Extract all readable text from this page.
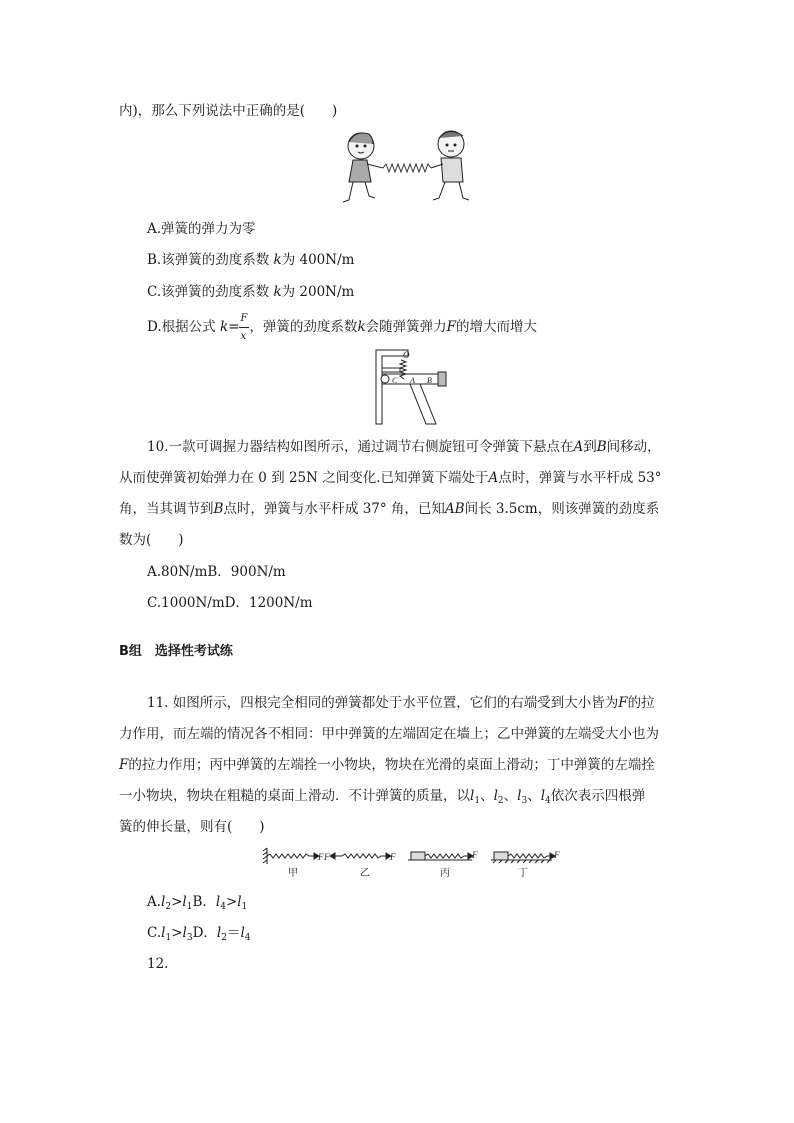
内)，那么下列说法中正确的是(　　)
A.弹簧的弹力为零
B.该弹簧的劲度系数 k为 400N/m
C.该弹簧的劲度系数 k为 200N/m
D.根据公式 $k= \frac{F}{x}$ ，弹簧的劲度系数k会随弹簧弹力F的增大而增大
O
C A B
10.一款可调握力器结构如图所示，通过调节右侧旋钮可令弹簧下悬点在A到B间移动，
从而使弹簧初始弹力在 0 到 25N 之间变化.已知弹簧下端处于A点时，弹簧与水平杆成 53°
角，当其调节到B点时，弹簧与水平杆成 37° 角，已知AB间长 3.5cm，则该弹簧的劲度系
数为(　　)
A.80N/mB．900N/m
C.1000N/mD．1200N/m
B组　选择性考试练
11. 如图所示，四根完全相同的弹簧都处于水平位置，它们的右端受到大小皆为F的拉
力作用，而左端的情况各不相同：甲中弹簧的左端固定在墙上；乙中弹簧的左端受大小也为
F的拉力作用；丙中弹簧的左端拴一小物块，物块在光滑的桌面上滑动；丁中弹簧的左端拴
一小物块，物块在粗糙的桌面上滑动．不计弹簧的质量，以$l_1$、$l_2$、$l_3$、$l_4$依次表示四根弹
簧的伸长量，则有(　　)
F F	F	F	F
甲	乙	丙	丁
$A.l_2>l_1B$．$l_4>l_1$
$C.l_1>l_3D$．$l_2=l_4$
12.
